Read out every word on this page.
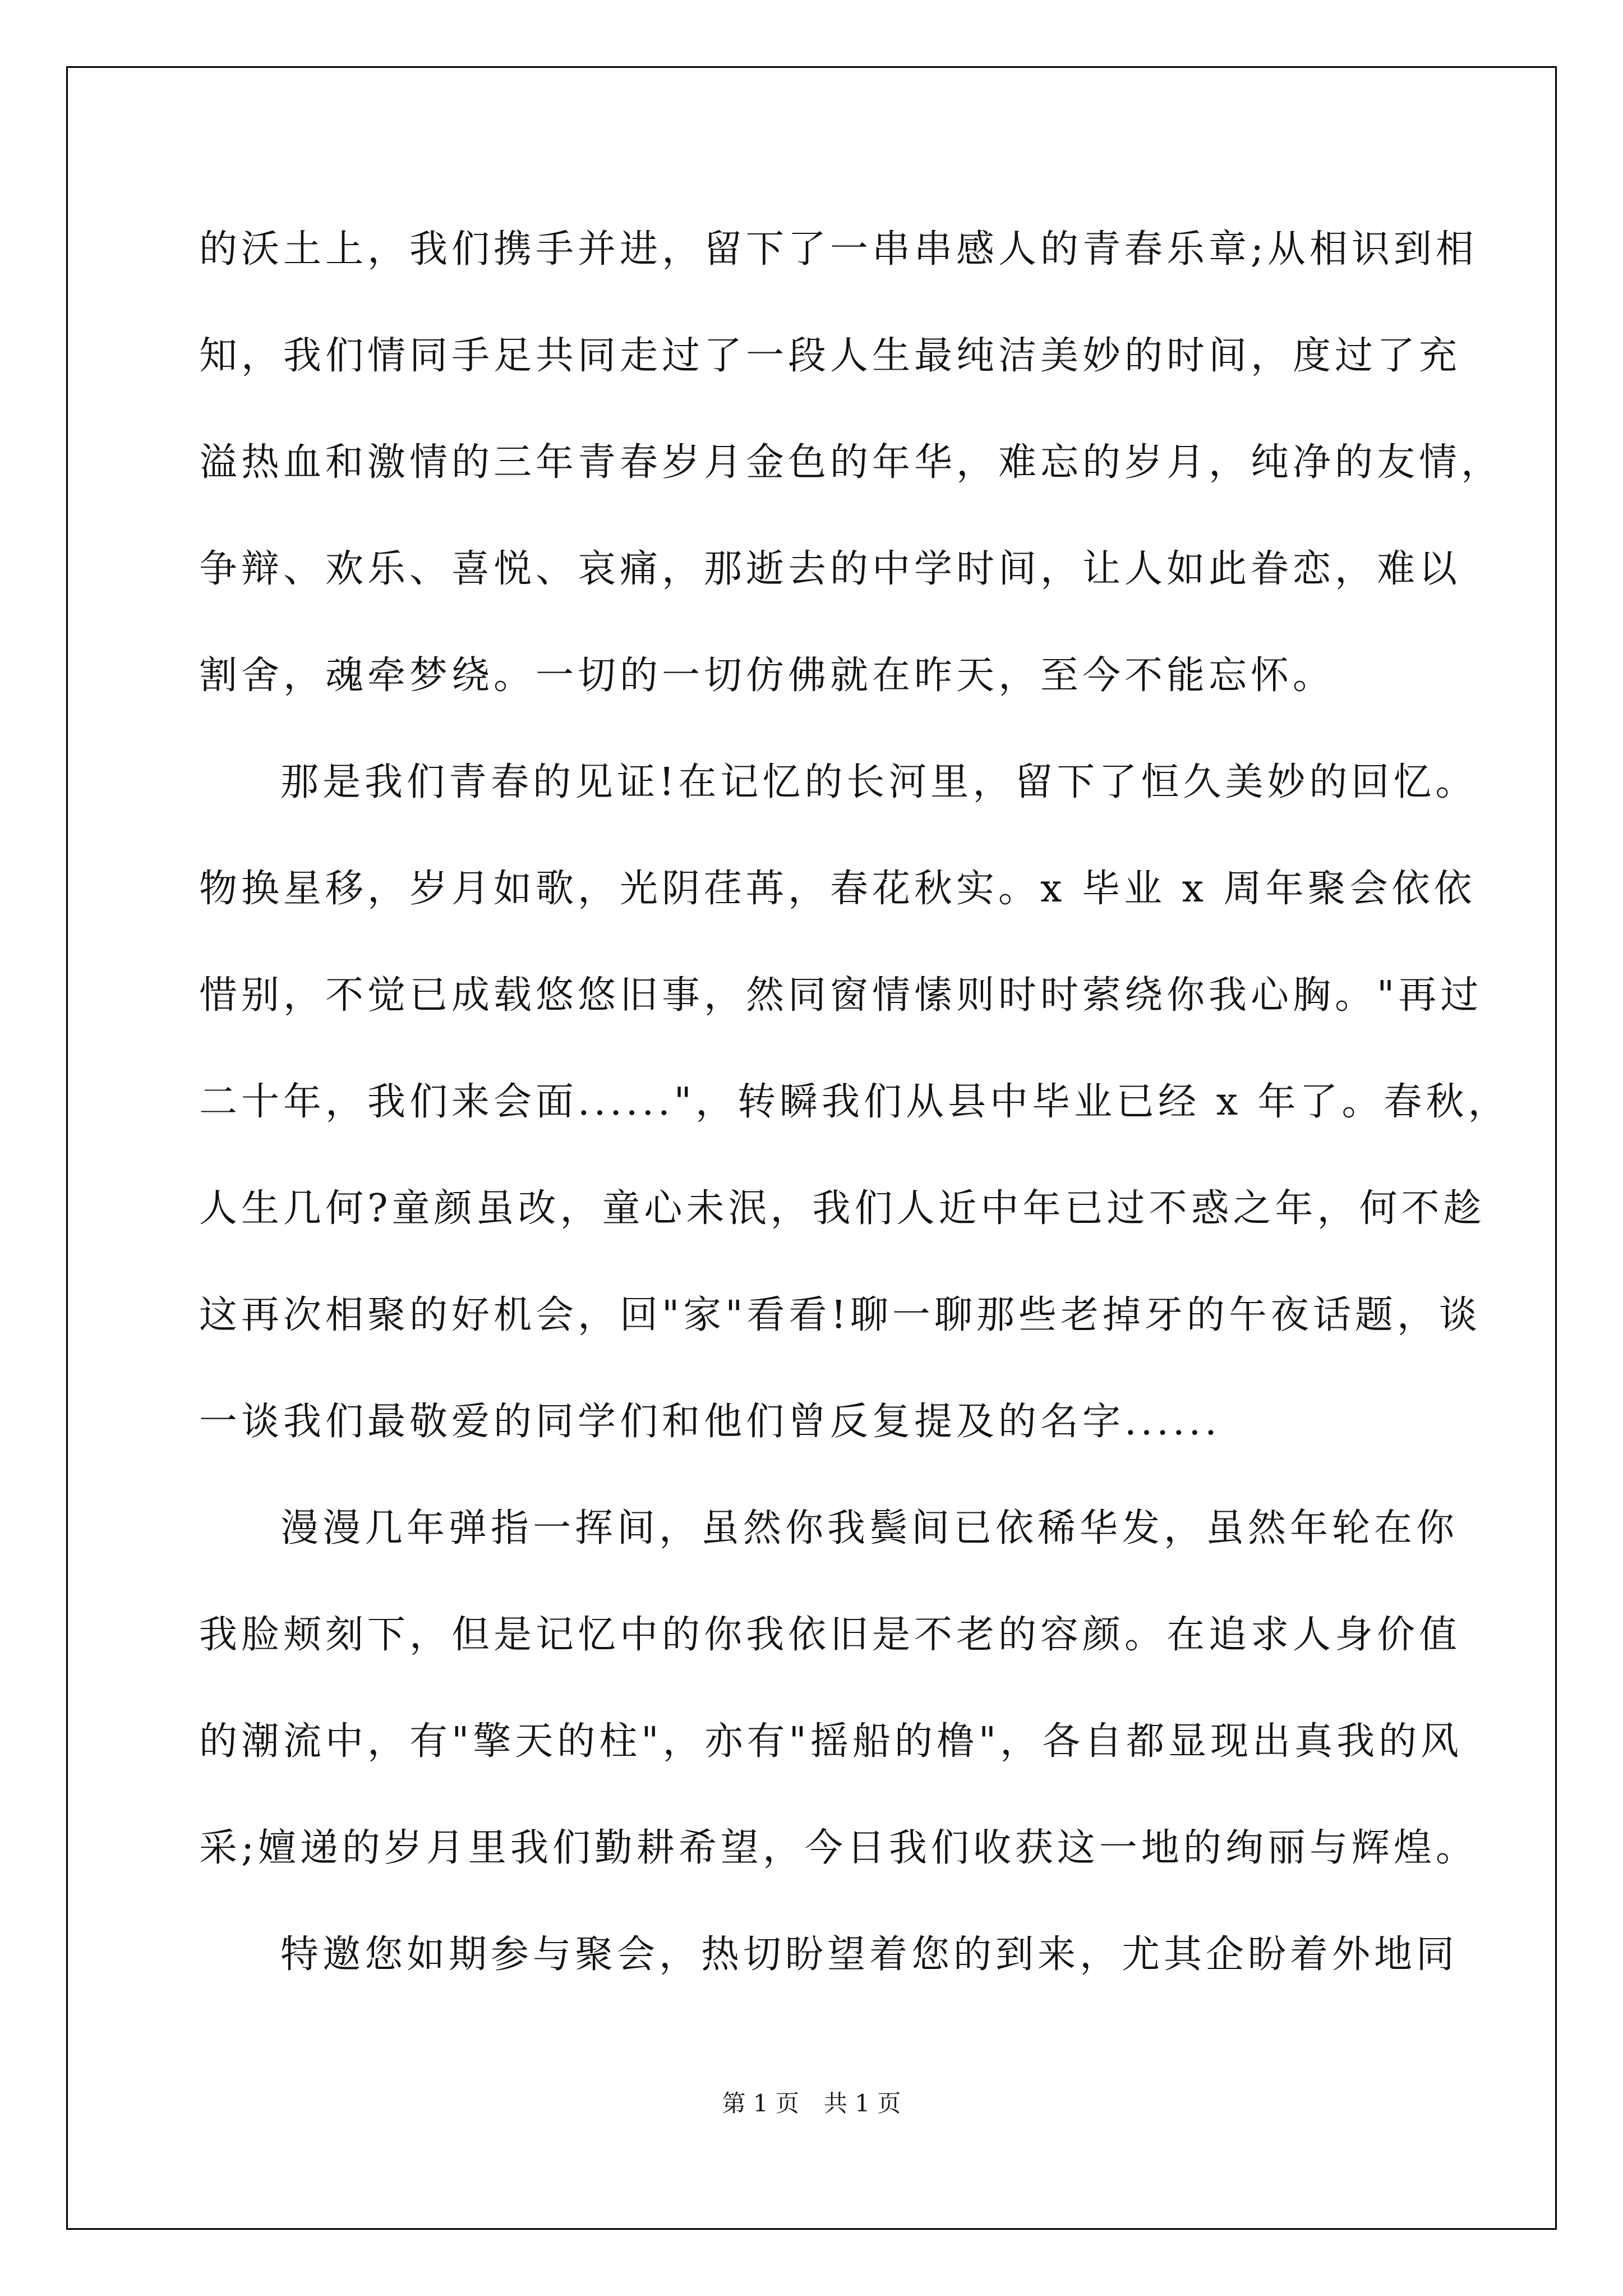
的沃土上，我们携手并进，留下了一串串感人的青春乐章;从相识到相
知，我们情同手足共同走过了一段人生最纯洁美妙的时间，度过了充
溢热血和激情的三年青春岁月金色的年华，难忘的岁月，纯净的友情，
争辩、欢乐、喜悦、哀痛，那逝去的中学时间，让人如此眷恋，难以
割舍，魂牵梦绕。一切的一切仿佛就在昨天，至今不能忘怀。
那是我们青春的见证!在记忆的长河里，留下了恒久美妙的回忆。
物换星移，岁月如歌，光阴荏苒，春花秋实。x 毕业 x 周年聚会依依
惜别，不觉已成载悠悠旧事，然同窗情愫则时时萦绕你我心胸。"再过
二十年，我们来会面......"，转瞬我们从县中毕业已经 x 年了。春秋，
人生几何?童颜虽改，童心未泯，我们人近中年已过不惑之年，何不趁
这再次相聚的好机会，回"家"看看!聊一聊那些老掉牙的午夜话题，谈
一谈我们最敬爱的同学们和他们曾反复提及的名字......
漫漫几年弹指一挥间，虽然你我鬓间已依稀华发，虽然年轮在你
我脸颊刻下，但是记忆中的你我依旧是不老的容颜。在追求人身价值
的潮流中，有"擎天的柱"，亦有"摇船的橹"，各自都显现出真我的风
采;嬗递的岁月里我们勤耕希望，今日我们收获这一地的绚丽与辉煌。
特邀您如期参与聚会，热切盼望着您的到来，尤其企盼着外地同
第 1 页 共 1 页
